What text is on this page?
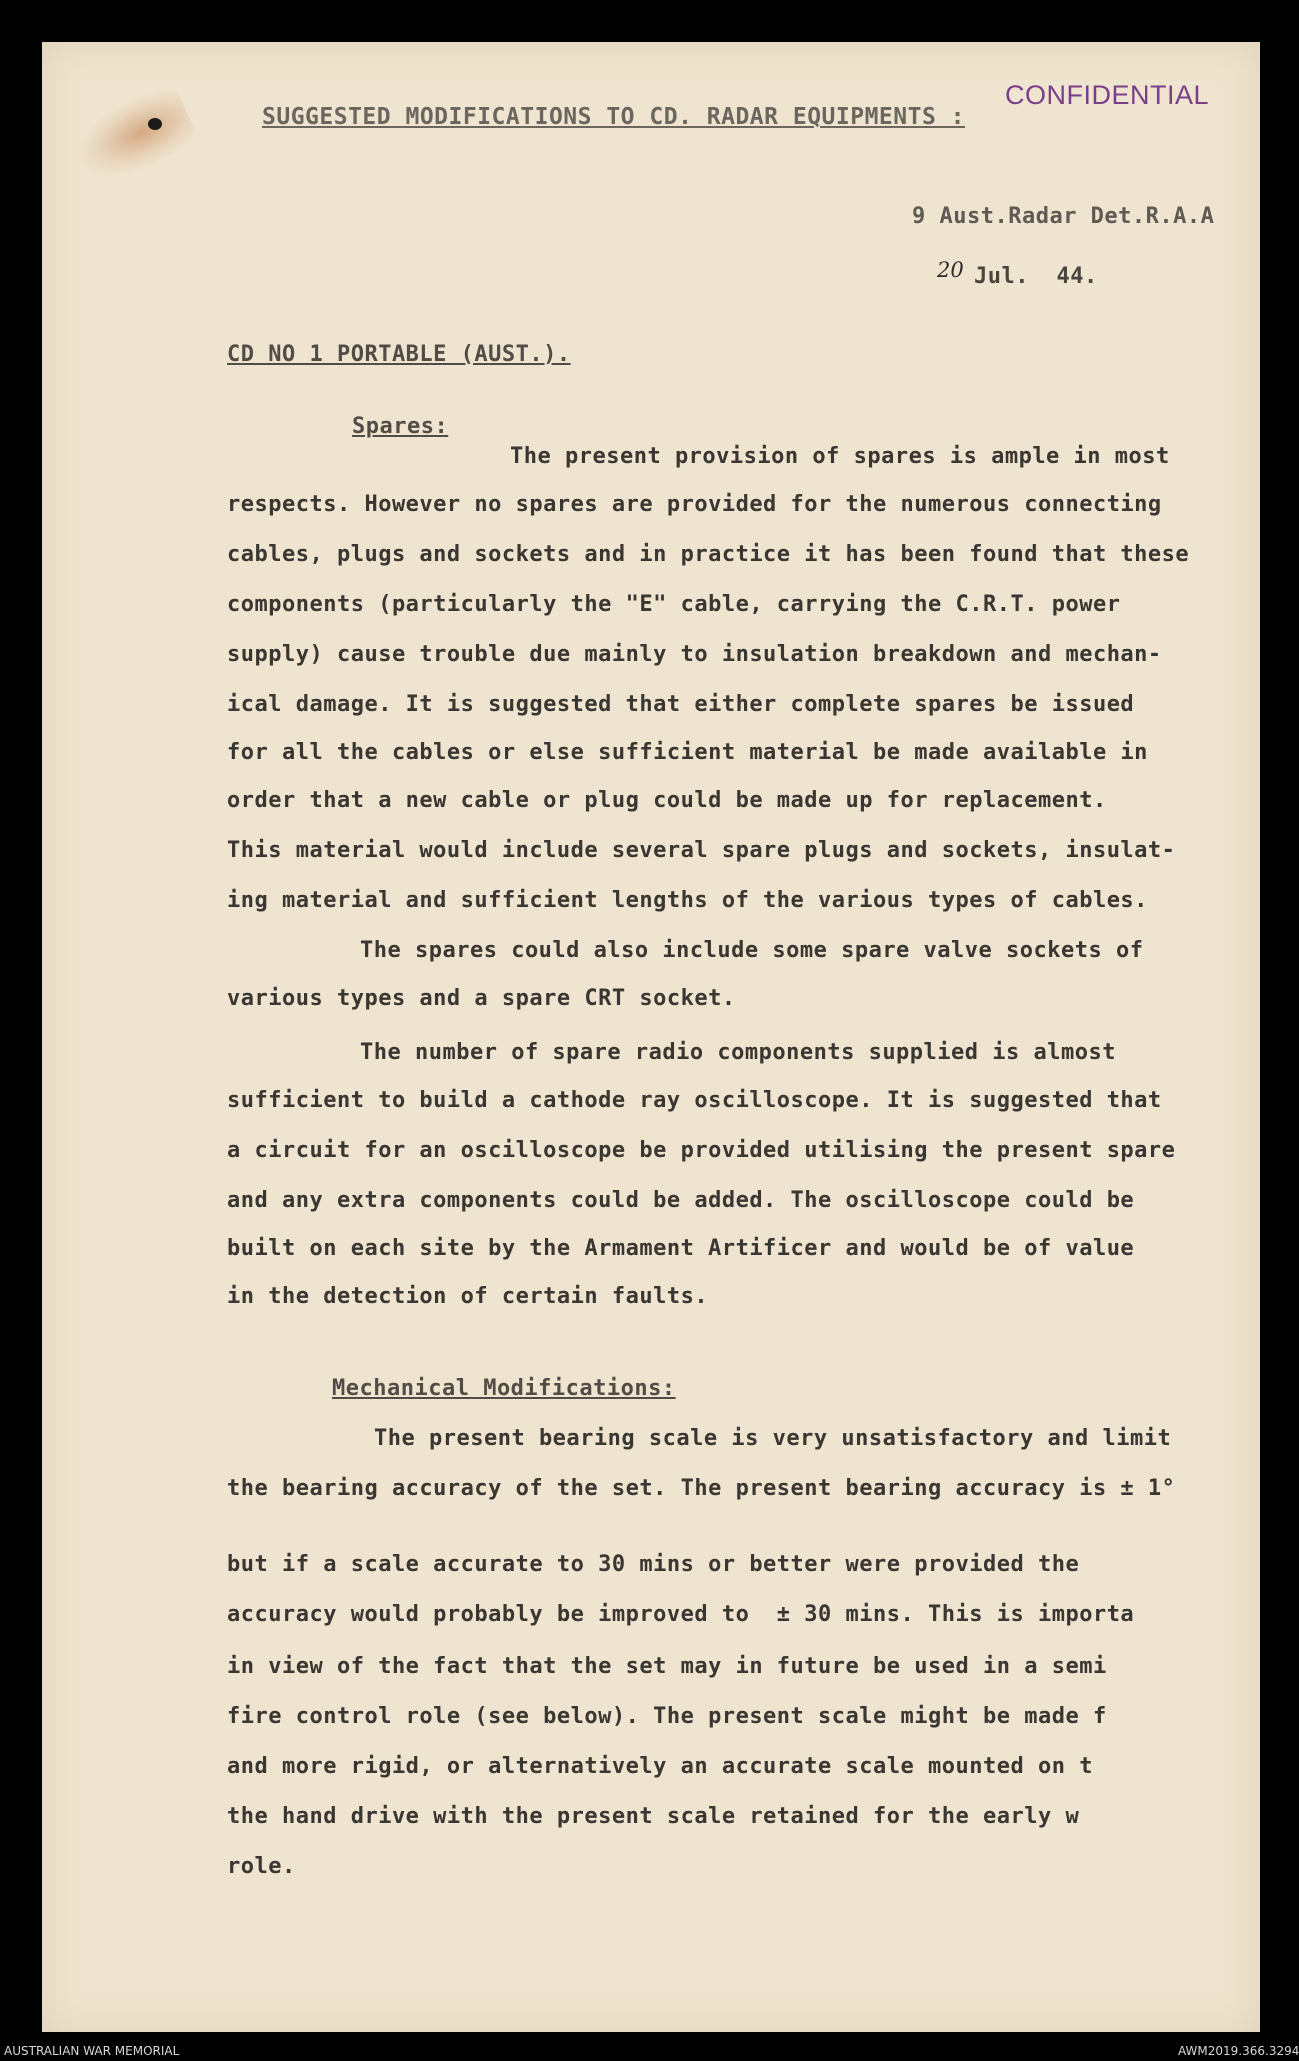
SUGGESTED MODIFICATIONS TO CD. RADAR EQUIPMENTS :
CONFIDENTIAL
9 Aust.Radar Det.R.A.A
20 Jul.  44.
CD NO 1 PORTABLE (AUST.).
Spares:
The present provision of spares is ample in most
respects. However no spares are provided for the numerous connecting
cables, plugs and sockets and in practice it has been found that these
components (particularly the "E" cable, carrying the C.R.T. power
supply) cause trouble due mainly to insulation breakdown and mechan-
ical damage. It is suggested that either complete spares be issued
for all the cables or else sufficient material be made available in
order that a new cable or plug could be made up for replacement.
This material would include several spare plugs and sockets, insulat-
ing material and sufficient lengths of the various types of cables.
The spares could also include some spare valve sockets of
various types and a spare CRT socket.
The number of spare radio components supplied is almost
sufficient to build a cathode ray oscilloscope. It is suggested that
a circuit for an oscilloscope be provided utilising the present spare
and any extra components could be added. The oscilloscope could be
built on each site by the Armament Artificer and would be of value
in the detection of certain faults.
Mechanical Modifications:
The present bearing scale is very unsatisfactory and limit
the bearing accuracy of the set. The present bearing accuracy is ± 1°
but if a scale accurate to 30 mins or better were provided the
accuracy would probably be improved to  ± 30 mins. This is importa
in view of the fact that the set may in future be used in a semi
fire control role (see below). The present scale might be made f
and more rigid, or alternatively an accurate scale mounted on t
the hand drive with the present scale retained for the early w
role.
AUSTRALIAN WAR MEMORIAL	AWM2019.366.3294
